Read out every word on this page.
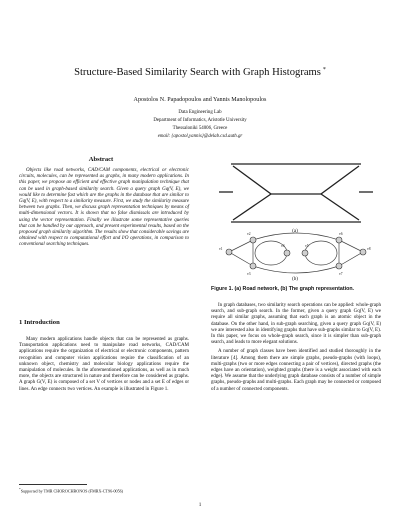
Structure-Based Similarity Search with Graph Histograms *
Apostolos N. Papadopoulos and Yannis Manolopoulos
Data Engineering Lab
Department of Informatics, Aristotle University
Thessaloniki 54006, Greece
email: {apostol,yannis}@delab.csd.auth.gr
Abstract

Objects like road networks, CAD/CAM components, electrical or electronic circuits, molecules, can be represented as graphs, in many modern applications. In this paper, we propose an efficient and effective graph manipulation technique that can be used in graph-based similarity search. Given a query graph Gq(V, E), we would like to determine fast which are the graphs in the database that are similar to Gq(V, E), with respect to a similarity measure. First, we study the similarity measure between two graphs. Then, we discuss graph representation techniques by means of multi-dimensional vectors. It is shown that no false dismissals are introduced by using the vector representation. Finally we illustrate some representative queries that can be handled by our approach, and present experimental results, based on the proposed graph similarity algorithm. The results show that considerable savings are obtained with respect to computational effort and I/O operations, in comparison to conventional searching techniques.

1 Introduction

Many modern applications handle objects that can be represented as graphs. Transportation applications need to manipulate road networks, CAD/CAM applications require the organization of electrical or electronic components, pattern recognition and computer vision applications require the classification of an unknown object, chemistry and molecular biology applications require the manipulation of molecules. In the aforementioned applications, as well as in much more, the objects are structured in nature and therefore can be considered as graphs. A graph G(V, E) is composed of a set V of vertices or nodes and a set E of edges or lines. An edge connects two vertices. An example is illustrated in Figure 1.

*Supported by TMR CHOROCHRONOS (FMRX-CT96-0056)
(a)
v1
v2
v3
v4	v5
v6
v7
v8
(b)
Figure 1. (a) Road network, (b) The graph representation.

In graph databases, two similarity search operations can be applied: whole-graph search, and sub-graph search. In the former, given a query graph Gq(V, E) we require all similar graphs, assuming that each graph is an atomic object in the database. On the other hand, in sub-graph searching, given a query graph Gq(V, E) we are interested also in identifying graphs that have sub-graphs similar to Gq(V, E). In this paper, we focus on whole-graph search, since it is simpler than sub-graph search, and leads to more elegant solutions.

A number of graph classes have been identified and studied thoroughly in the literature [4]. Among them there are simple graphs, pseudo-graphs (with loops), multi-graphs (two or more edges connecting a pair of vertices), directed graphs (the edges have an orientation), weighted graphs (there is a weight associated with each edge). We assume that the underlying graph database consists of a number of simple graphs, pseudo-graphs and multi-graphs. Each graph may be connected or composed of a number of connected components.

1
